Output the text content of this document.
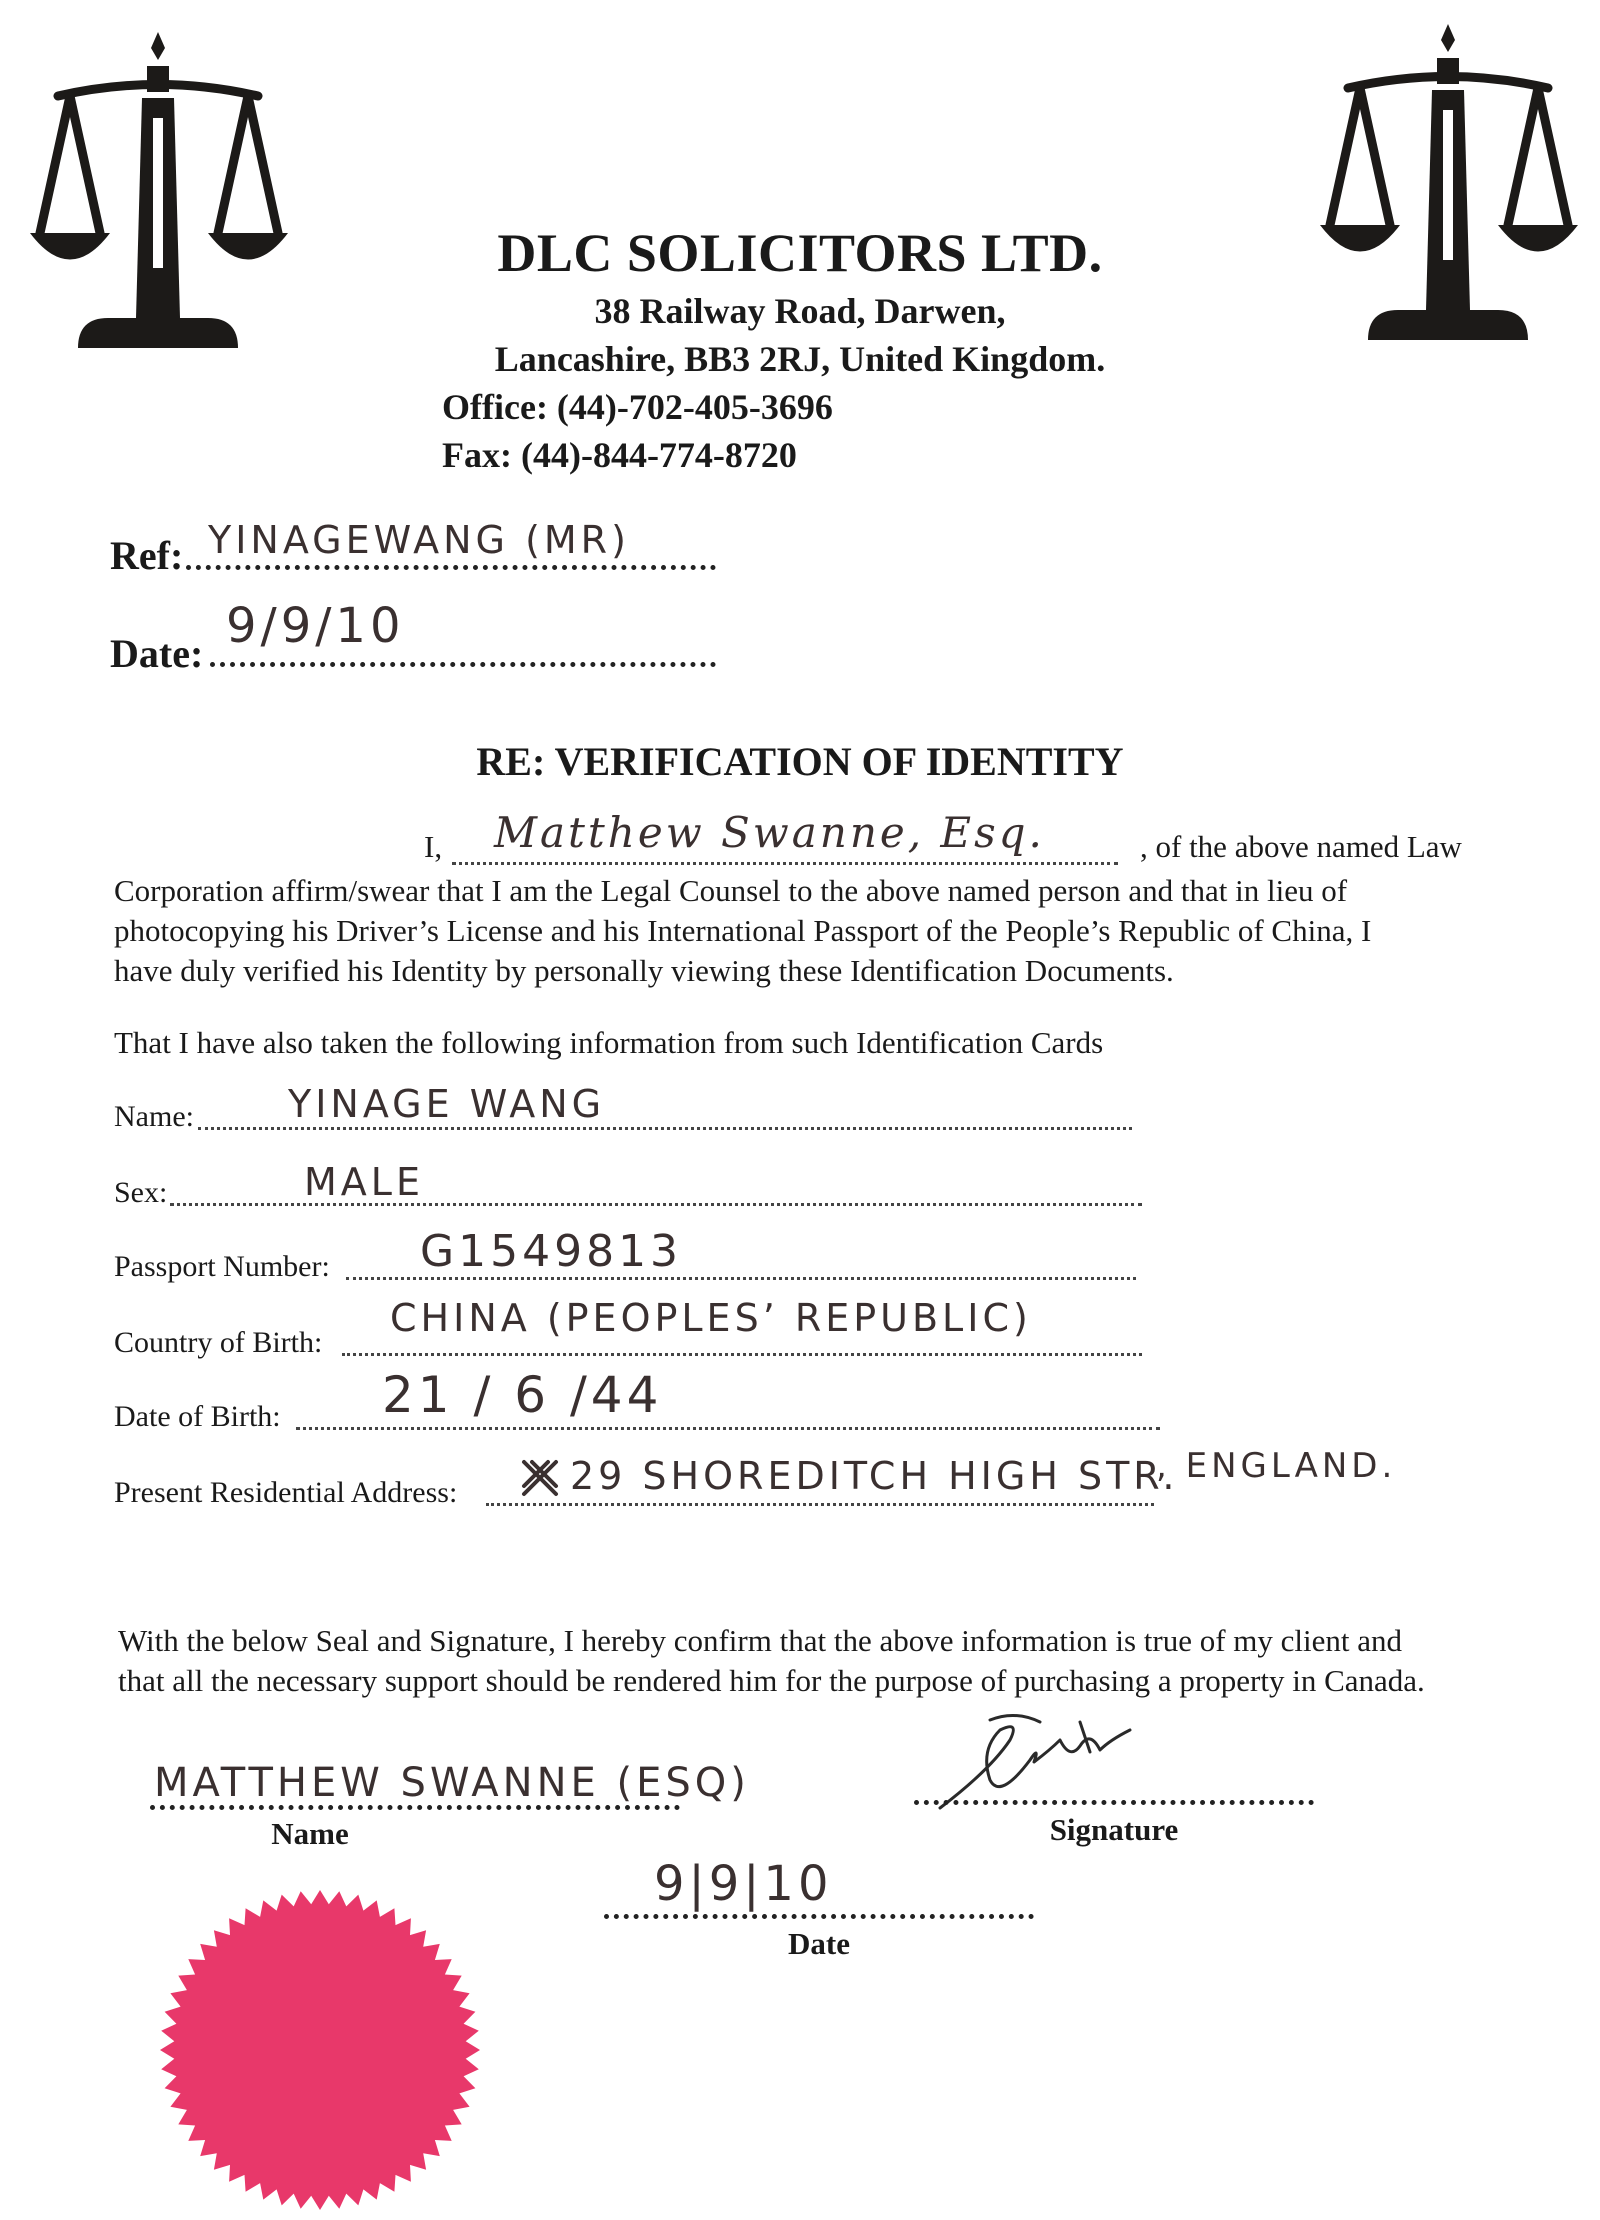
DLC SOLICITORS LTD.
38 Railway Road, Darwen,
Lancashire, BB3 2RJ, United Kingdom.
Office: (44)-702-405-3696
Fax: (44)-844-774-8720
Ref: YINAGEWANG (MR)
Date: 9/9/10
RE: VERIFICATION OF IDENTITY
I, Matthew Swanne, Esq.	, of the above named Law
Corporation affirm/swear that I am the Legal Counsel to the above named person and that in lieu of
photocopying his Driver’s License and his International Passport of the People’s Republic of China, I
have duly verified his Identity by personally viewing these Identification Documents.
That I have also taken the following information from such Identification Cards
Name: YINAGE WANG
Sex:	MALE
Passport Number: G1549813
Country of Birth:
CHINA (PEOPLES’ REPUBLIC)
Date of Birth: 21 / 6 /44
Present Residential Address:	29 SHOREDITCH HIGH STR.
, ENGLAND.
With the below Seal and Signature, I hereby confirm that the above information is true of my client and
that all the necessary support should be rendered him for the purpose of purchasing a property in Canada.
MATTHEW SWANNE (ESQ)
Name	Signature
9|9|10
Date
